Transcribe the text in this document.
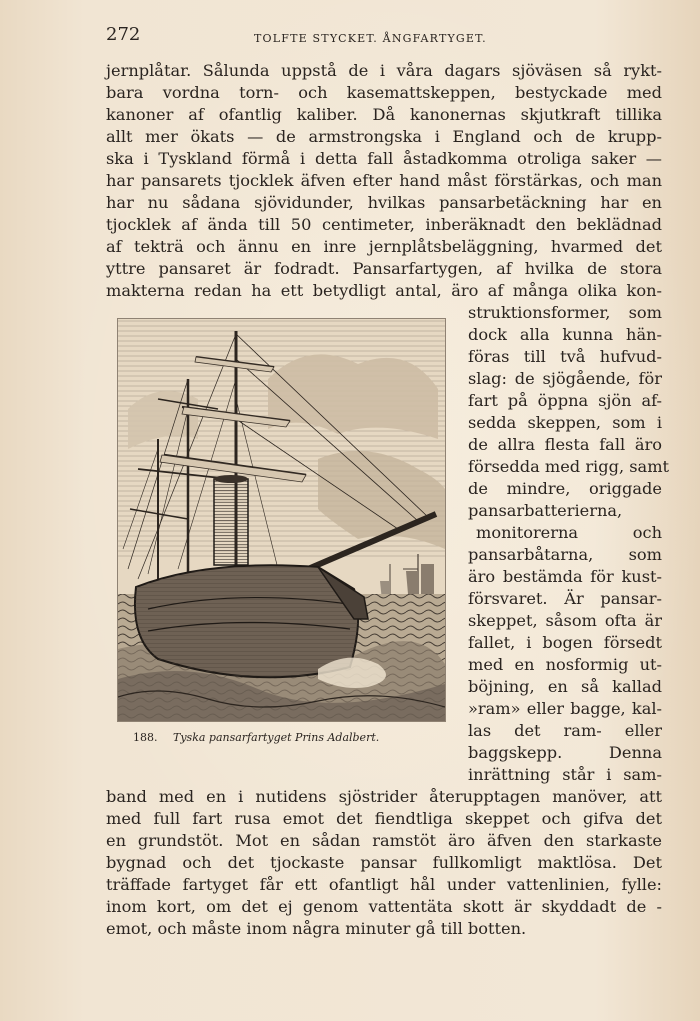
272	TOLFTE STYCKET. ÅNGFARTYGET.
jernplåtar. Sålunda uppstå de i våra dagars sjöväsen så rykt-
bara vordna torn- och kasemattskeppen, bestyckade med
kanoner af ofantlig kaliber. Då kanonernas skjutkraft tillika
allt mer ökats — de armstrongska i England och de krupp-
ska i Tyskland förmå i detta fall åstadkomma otroliga saker —
har pansarets tjocklek äfven efter hand måst förstärkas, och man
har nu sådana sjövidunder, hvilkas pansarbetäckning har en
tjocklek af ända till 50 centimeter, inberäknadt den beklädnad
af tekträ och ännu en inre jernplåtsbeläggning, hvarmed det
yttre pansaret är fodradt. Pansarfartygen, af hvilka de stora
makterna redan ha ett betydligt antal, äro af många olika kon-
struktionsformer, som
dock alla kunna hän-
föras till två hufvud-
slag: de sjögående, för
fart på öppna sjön af-
sedda skeppen, som i
de allra flesta fall äro
försedda med rigg, samt
de mindre, origgade
pansarbatterierna,
monitorerna och
pansarbåtarna, som
äro bestämda för kust-
försvaret. Är pansar-
skeppet, såsom ofta är
fallet, i bogen försedt
med en nosformig ut-
böjning, en så kallad
»ram» eller bagge, kal-
las det ram- eller
baggskepp. Denna
inrättning står i sam-
188. Tyska pansarfartyget Prins Adalbert.
band med en i nutidens sjöstrider återupptagen manöver, att
med full fart rusa emot det fiendtliga skeppet och gifva det
en grundstöt. Mot en sådan ramstöt äro äfven den starkaste
bygnad och det tjockaste pansar fullkomligt maktlösa. Det
träffade fartyget får ett ofantligt hål under vattenlinien, fylle:
inom kort, om det ej genom vattentäta skott är skyddadt de -
emot, och måste inom några minuter gå till botten.
